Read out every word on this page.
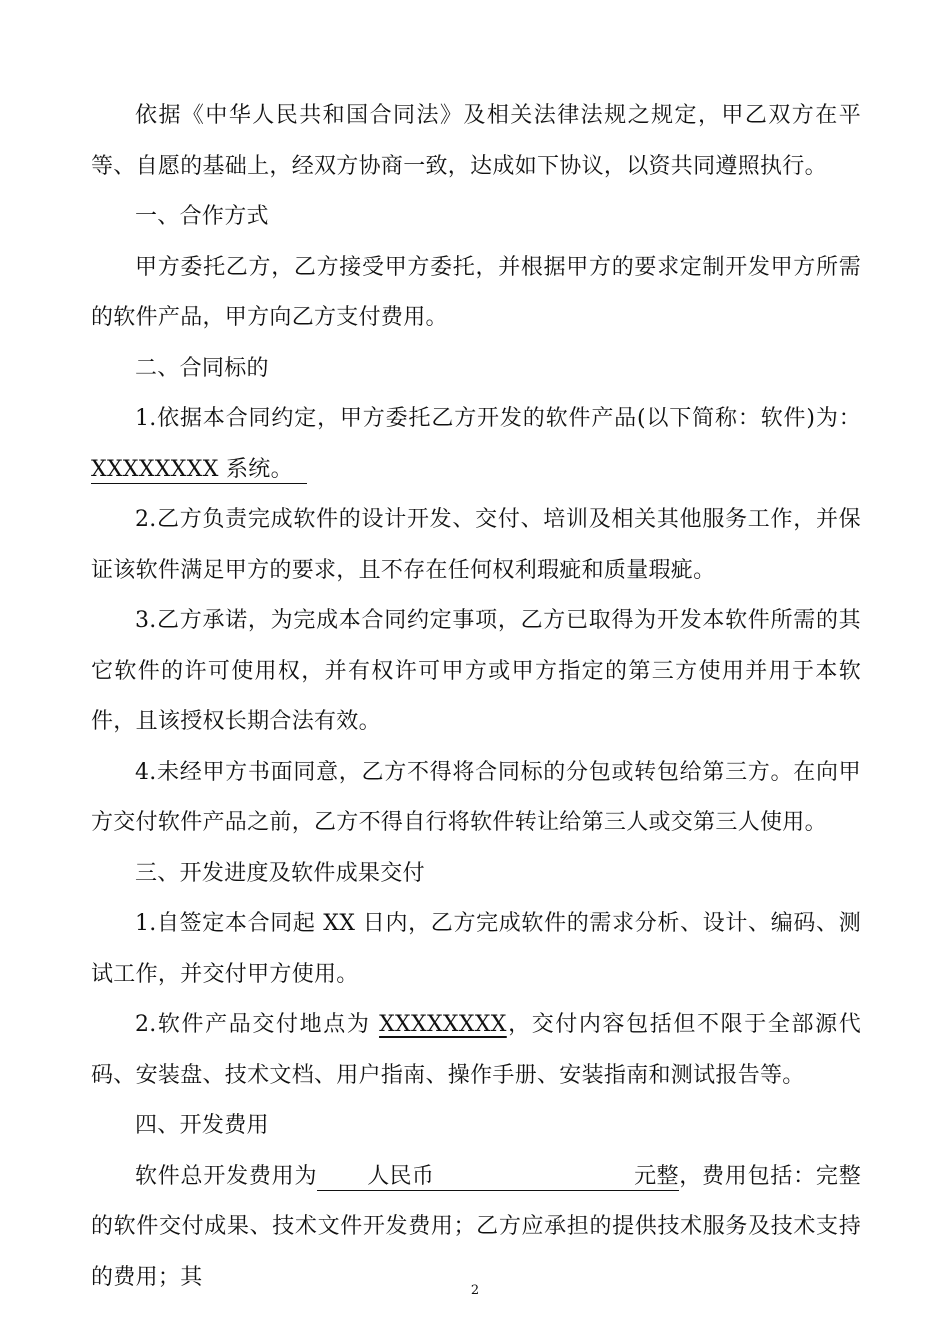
依据《中华人民共和国合同法》及相关法律法规之规定，甲乙双方在平等、自愿的基础上，经双方协商一致，达成如下协议，以资共同遵照执行。

一、合作方式

甲方委托乙方，乙方接受甲方委托，并根据甲方的要求定制开发甲方所需的软件产品，甲方向乙方支付费用。

二、合同标的

1.依据本合同约定，甲方委托乙方开发的软件产品(以下简称：软件)为：XXXXXXXX 系统。

2.乙方负责完成软件的设计开发、交付、培训及相关其他服务工作，并保证该软件满足甲方的要求，且不存在任何权利瑕疵和质量瑕疵。

3.乙方承诺，为完成本合同约定事项，乙方已取得为开发本软件所需的其它软件的许可使用权，并有权许可甲方或甲方指定的第三方使用并用于本软件，且该授权长期合法有效。

4.未经甲方书面同意，乙方不得将合同标的分包或转包给第三方。在向甲方交付软件产品之前，乙方不得自行将软件转让给第三人或交第三人使用。

三、开发进度及软件成果交付

1.自签定本合同起 XX 日内，乙方完成软件的需求分析、设计、编码、测试工作，并交付甲方使用。

2.软件产品交付地点为 XXXXXXXX，交付内容包括但不限于全部源代码、安装盘、技术文档、用户指南、操作手册、安装指南和测试报告等。

四、开发费用

软件总开发费用为 人民币	元整，费用包括：完整的软件交付成果、技术文件开发费用；乙方应承担的提供技术服务及技术支持的费用；其

2
